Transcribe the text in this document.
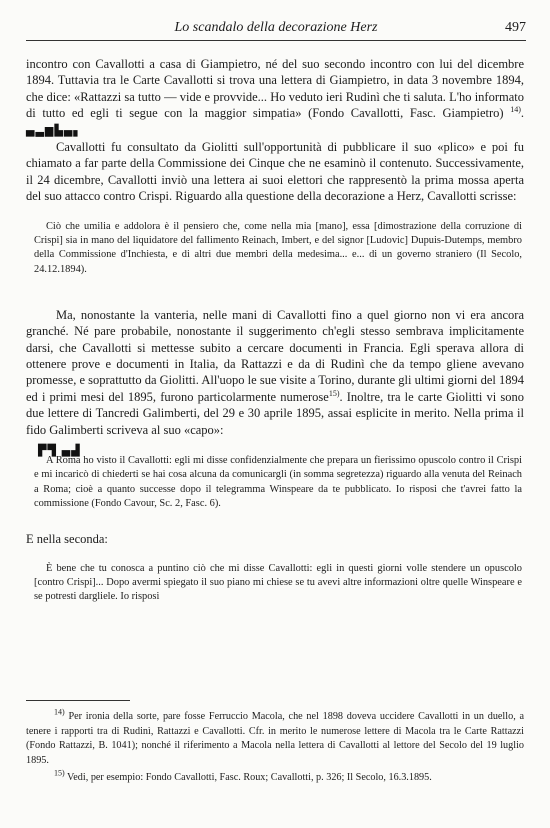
Lo scandalo della decorazione Herz	497

incontro con Cavallotti a casa di Giampietro, né del suo secondo incontro con lui del dicembre 1894. Tuttavia tra le Carte Cavallotti si trova una lettera di Giampietro, in data 3 novembre 1894, che dice: «Rattazzi sa tutto — vide e provvide... Ho veduto ieri Rudinì che ti saluta. L'ho informato di tutto ed egli ti segue con la maggior simpatia» (Fondo Cavallotti, Fasc. Giampietro) $^{14)}$. ▄▃▆▙▄▖

Cavallotti fu consultato da Giolitti sull'opportunità di pubblicare il suo «plico» e poi fu chiamato a far parte della Commissione dei Cinque che ne esaminò il contenuto. Successivamente, il 24 dicembre, Cavallotti inviò una lettera ai suoi elettori che rappresentò la prima mossa aperta del suo attacco contro Crispi. Riguardo alla questione della decorazione a Herz, Cavallotti scrisse:

Ciò che umilia e addolora è il pensiero che, come nella mia [mano], essa [dimostrazione della corruzione di Crispi] sia in mano del liquidatore del fallimento Reinach, Imbert, e del signor [Ludovic] Dupuis-Dutemps, membro della Commissione d'Inchiesta, e di altri due membri della medesima... e... di un governo straniero (Il Secolo, 24.12.1894).

Ma, nonostante la vanteria, nelle mani di Cavallotti fino a quel giorno non vi era ancora granché. Né pare probabile, nonostante il suggerimento ch'egli stesso sembrava implicitamente darsi, che Cavallotti si mettesse subito a cercare documenti in Francia. Egli sperava allora di ottenere prove e documenti in Italia, da Rattazzi e da di Rudinì che da tempo gliene avevano promesse, e soprattutto da Giolitti. All'uopo le sue visite a Torino, durante gli ultimi giorni del 1894 ed i primi mesi del 1895, furono particolarmente numerose$^{15)}$. Inoltre, tra le carte Giolitti vi sono due lettere di Tancredi Galimberti, del 29 e 30 aprile 1895, assai esplicite in merito. Nella prima il fido Galimberti scriveva al suo «capo»:

▛▜ ▄▟

A Roma ho visto il Cavallotti: egli mi disse confidenzialmente che prepara un fierissimo opuscolo contro il Crispi e mi incaricò di chiederti se hai cosa alcuna da comunicargli (in somma segretezza) riguardo alla venuta del Reinach a Roma; cioè a quanto successe dopo il telegramma Winspeare da te pubblicato. Io risposi che t'avrei fatto la commissione (Fondo Cavour, Sc. 2, Fasc. 6).

E nella seconda:

È bene che tu conosca a puntino ciò che mi disse Cavallotti: egli in questi giorni volle stendere un opuscolo [contro Crispi]... Dopo avermi spiegato il suo piano mi chiese se tu avevi altre informazioni oltre quelle Winspeare e se potresti dargliele. Io risposi

$^{14)}$ Per ironia della sorte, pare fosse Ferruccio Macola, che nel 1898 doveva uccidere Cavallotti in un duello, a tenere i rapporti tra di Rudinì, Rattazzi e Cavallotti. Cfr. in merito le numerose lettere di Macola tra le Carte Rattazzi (Fondo Rattazzi, B. 1041); nonché il riferimento a Macola nella lettera di Cavallotti al lettore del Secolo del 19 luglio 1895.

$^{15)}$ Vedi, per esempio: Fondo Cavallotti, Fasc. Roux; Cavallotti, p. 326; Il Secolo, 16.3.1895.
